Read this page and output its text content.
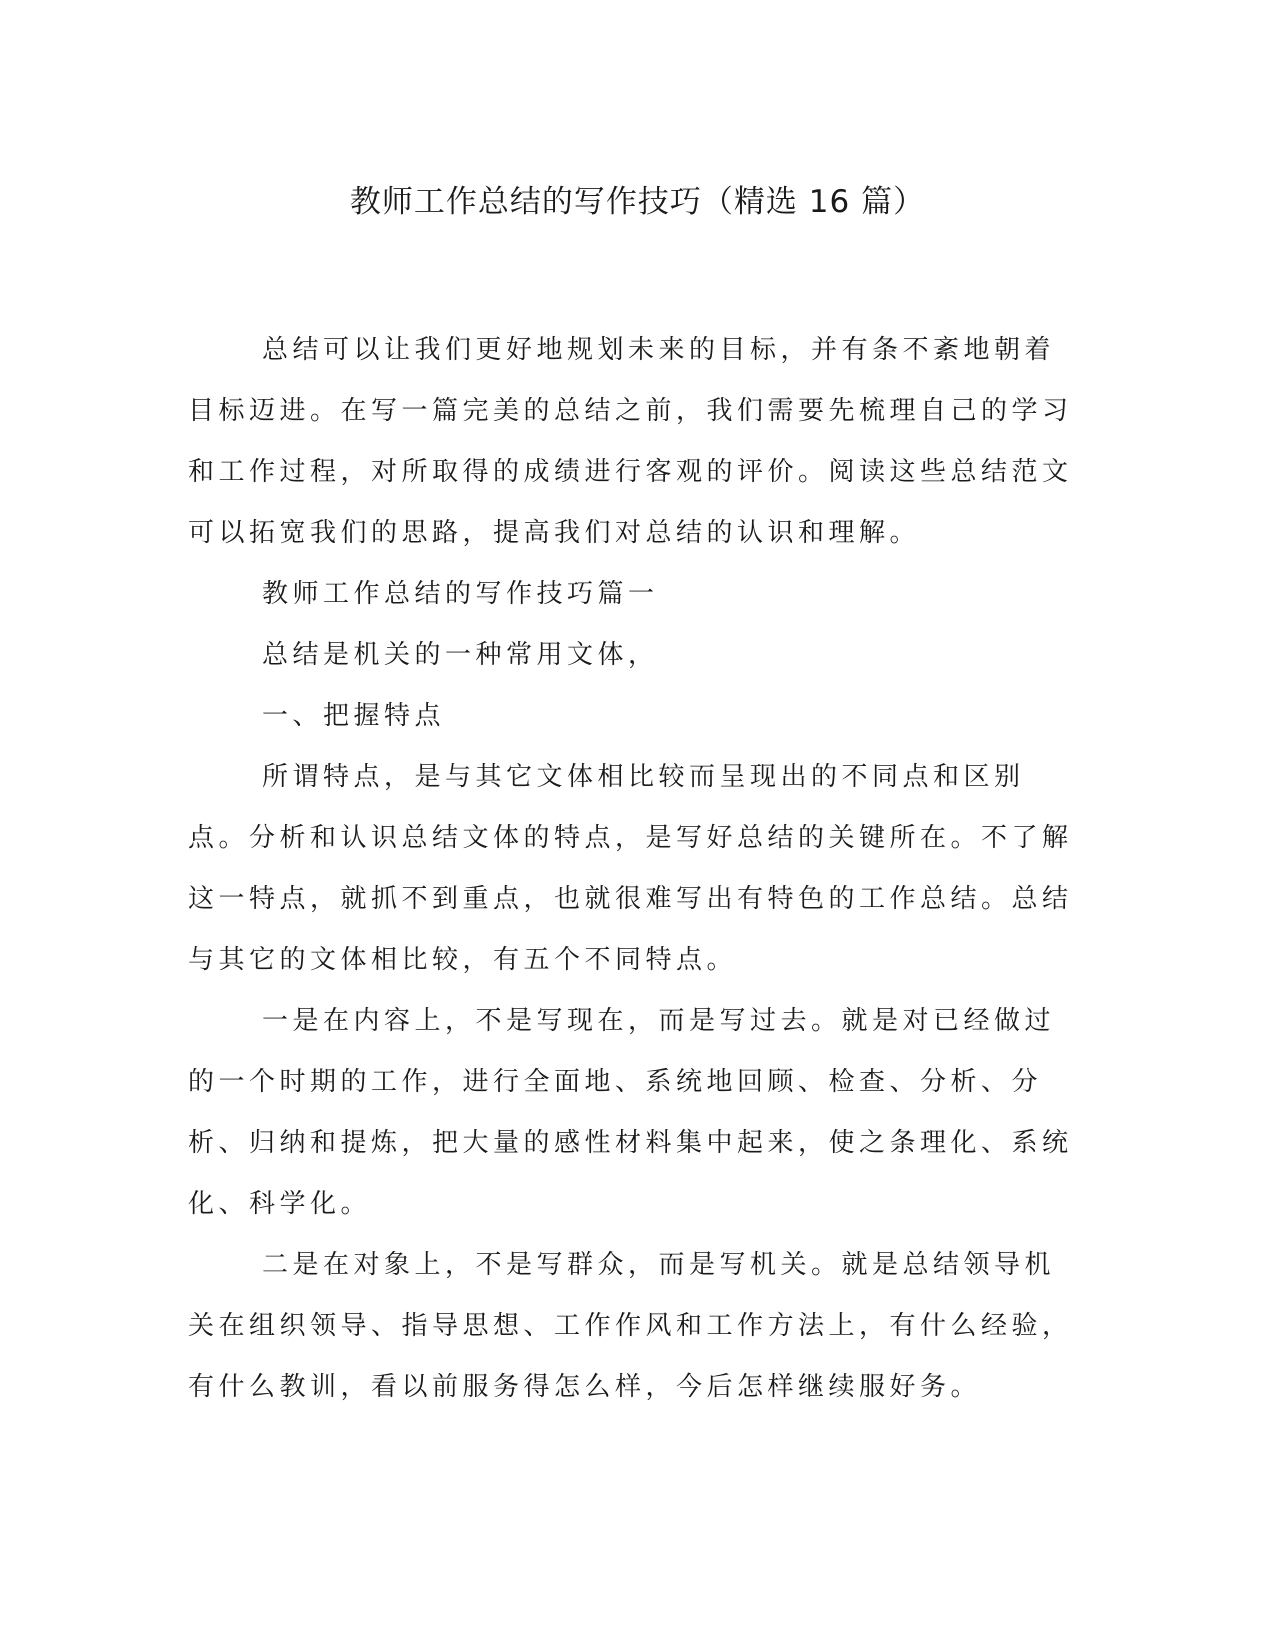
教师工作总结的写作技巧（精选 16 篇）

总结可以让我们更好地规划未来的目标，并有条不紊地朝着目标迈进。在写一篇完美的总结之前，我们需要先梳理自己的学习和工作过程，对所取得的成绩进行客观的评价。阅读这些总结范文可以拓宽我们的思路，提高我们对总结的认识和理解。

教师工作总结的写作技巧篇一

总结是机关的一种常用文体，

一、把握特点

所谓特点，是与其它文体相比较而呈现出的不同点和区别点。分析和认识总结文体的特点，是写好总结的关键所在。不了解这一特点，就抓不到重点，也就很难写出有特色的工作总结。总结与其它的文体相比较，有五个不同特点。

一是在内容上，不是写现在，而是写过去。就是对已经做过的一个时期的工作，进行全面地、系统地回顾、检查、分析、分析、归纳和提炼，把大量的感性材料集中起来，使之条理化、系统化、科学化。

二是在对象上，不是写群众，而是写机关。就是总结领导机关在组织领导、指导思想、工作作风和工作方法上，有什么经验，有什么教训，看以前服务得怎么样，今后怎样继续服好务。
